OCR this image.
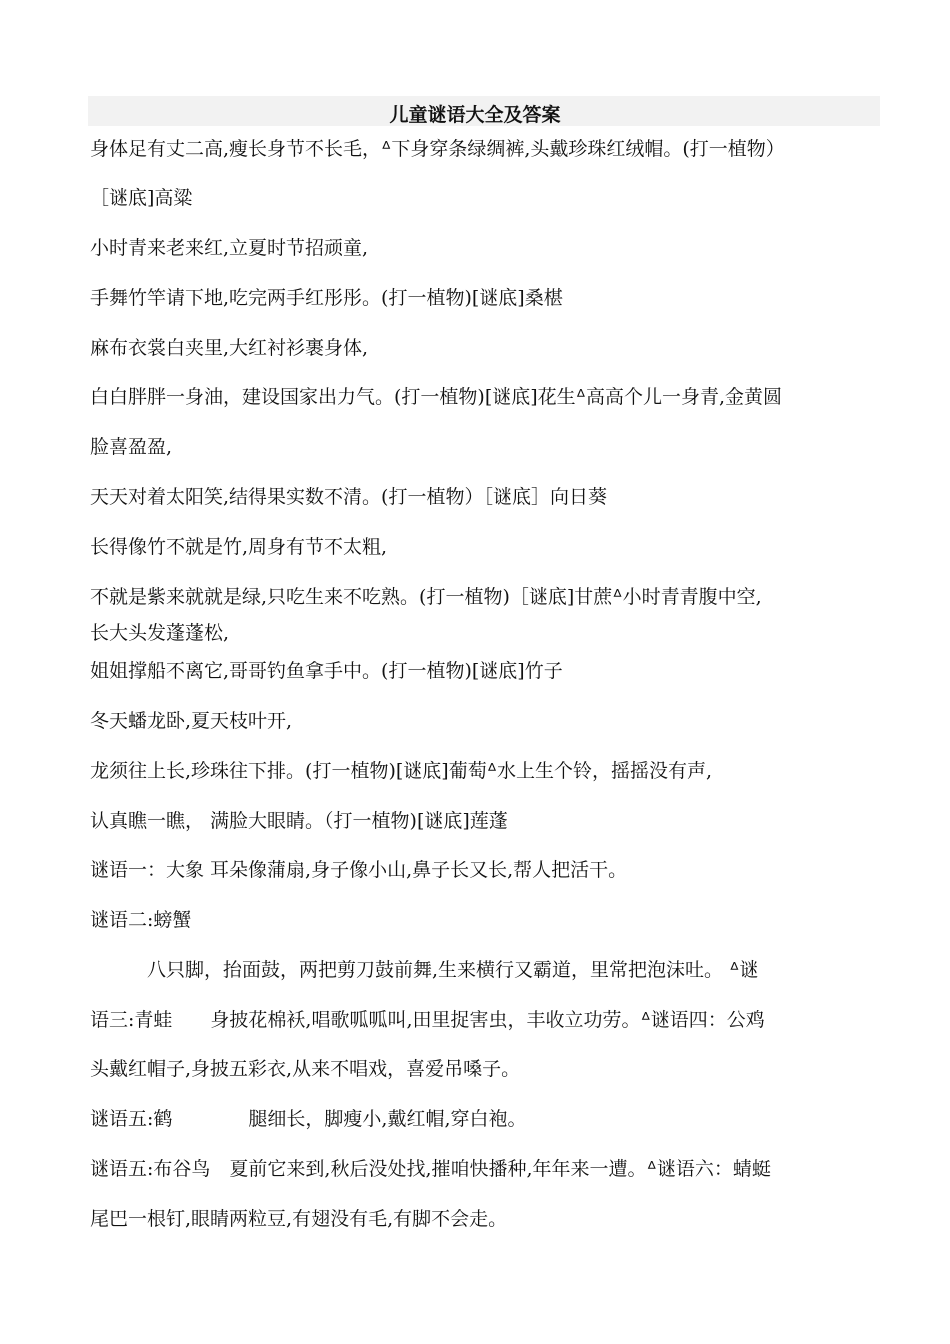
儿童谜语大全及答案
身体足有丈二高,瘦长身节不长毛，ᐞ下身穿条绿绸裤,头戴珍珠红绒帽。(打一植物）
［谜底]高粱
小时青来老来红,立夏时节招顽童,
手舞竹竿请下地,吃完两手红彤彤。(打一植物)[谜底]桑椹
麻布衣裳白夹里,大红衬衫裹身体,
白白胖胖一身油，建设国家出力气。(打一植物)[谜底]花生ᐞ高高个儿一身青,金黄圆
脸喜盈盈,
天天对着太阳笑,结得果实数不清。(打一植物）［谜底］向日葵
长得像竹不就是竹,周身有节不太粗,
不就是紫来就就是绿,只吃生来不吃熟。(打一植物)［谜底]甘蔗ᐞ小时青青腹中空,
长大头发蓬蓬松,
姐姐撑船不离它,哥哥钓鱼拿手中。(打一植物)[谜底]竹子
冬天蟠龙卧,夏天枝叶开,
龙须往上长,珍珠往下排。(打一植物)[谜底]葡萄ᐞ水上生个铃，摇摇没有声,
认真瞧一瞧， 满脸大眼睛。（打一植物)[谜底]莲蓬
谜语一：大象 耳朵像蒲扇,身子像小山,鼻子长又长,帮人把活干。
谜语二:螃蟹
　　　八只脚，抬面鼓，两把剪刀鼓前舞,生来横行又霸道，里常把泡沫吐。 ᐞ谜
语三:青蛙　　身披花棉袄,唱歌呱呱叫,田里捉害虫，丰收立功劳。ᐞ谜语四：公鸡
头戴红帽子,身披五彩衣,从来不唱戏，喜爱吊嗓子。
谜语五:鹤　　　　腿细长，脚瘦小,戴红帽,穿白袍。
谜语五:布谷鸟　夏前它来到,秋后没处找,摧咱快播种,年年来一遭。ᐞ谜语六：蜻蜓
尾巴一根钉,眼睛两粒豆,有翅没有毛,有脚不会走。
